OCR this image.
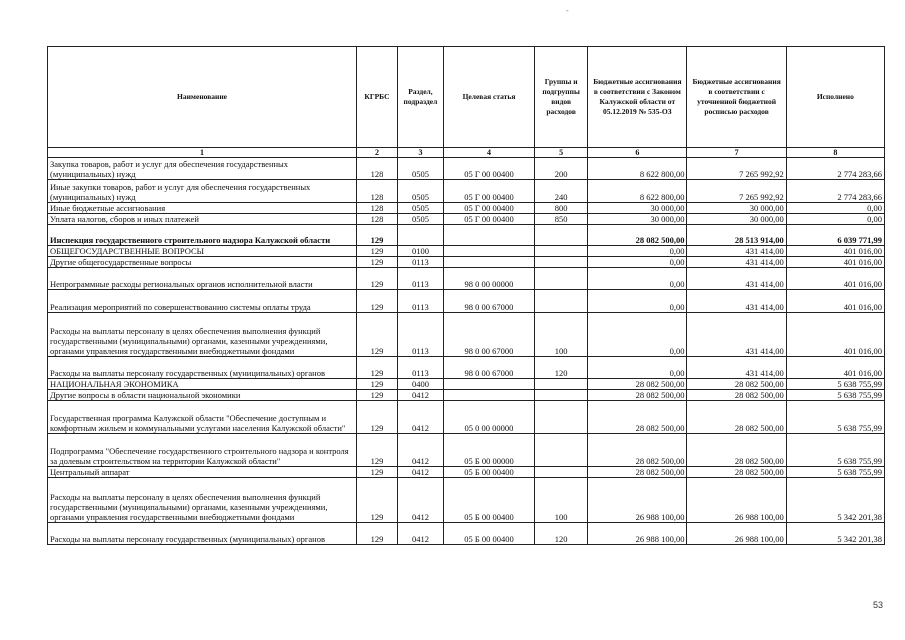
-
Наименование	КГРБС	Раздел, подраздел	Целевая статья	Группы и подгруппы видов расходов	Бюджетные ассигнования в соответствии с Законом Калужской области от 05.12.2019 № 535-ОЗ	Бюджетные ассигнования в соответствии с уточненной бюджетной росписью расходов	Исполнено
1	2	3	4	5	6	7	8
Закупка товаров, работ и услуг для обеспечения государственных (муниципальных) нужд	128	0505	05 Г 00 00400	200	8 622 800,00	7 265 992,92	2 774 283,66
Иные закупки товаров, работ и услуг для обеспечения государственных (муниципальных) нужд	128	0505	05 Г 00 00400	240	8 622 800,00	7 265 992,92	2 774 283,66
Иные бюджетные ассигнования	128	0505	05 Г 00 00400	800	30 000,00	30 000,00	0,00
Уплата налогов, сборов и иных платежей	128	0505	05 Г 00 00400	850	30 000,00	30 000,00	0,00
Инспекция государственного строительного надзора Калужской области	129				28 082 500,00	28 513 914,00	6 039 771,99
ОБЩЕГОСУДАРСТВЕННЫЕ ВОПРОСЫ	129	0100			0,00	431 414,00	401 016,00
Другие общегосударственные вопросы	129	0113			0,00	431 414,00	401 016,00
Непрограммные расходы региональных органов исполнительной власти	129	0113	98 0 00 00000		0,00	431 414,00	401 016,00
Реализация мероприятий по совершенствованию системы оплаты труда	129	0113	98 0 00 67000		0,00	431 414,00	401 016,00
Расходы на выплаты персоналу в целях обеспечения выполнения функций государственными (муниципальными) органами, казенными учреждениями, органами управления государственными внебюджетными фондами	129	0113	98 0 00 67000	100	0,00	431 414,00	401 016,00
Расходы на выплаты персоналу государственных (муниципальных) органов	129	0113	98 0 00 67000	120	0,00	431 414,00	401 016,00
НАЦИОНАЛЬНАЯ ЭКОНОМИКА	129	0400			28 082 500,00	28 082 500,00	5 638 755,99
Другие вопросы в области национальной экономики	129	0412			28 082 500,00	28 082 500,00	5 638 755,99
Государственная программа Калужской области "Обеспечение доступным и комфортным жильем и коммунальными услугами населения Калужской области"	129	0412	05 0 00 00000		28 082 500,00	28 082 500,00	5 638 755,99
Подпрограмма "Обеспечение государственного строительного надзора и контроля за долевым строительством на территории Калужской области"	129	0412	05 Б 00 00000		28 082 500,00	28 082 500,00	5 638 755,99
Центральный аппарат	129	0412	05 Б 00 00400		28 082 500,00	28 082 500,00	5 638 755,99
Расходы на выплаты персоналу в целях обеспечения выполнения функций государственными (муниципальными) органами, казенными учреждениями, органами управления государственными внебюджетными фондами	129	0412	05 Б 00 00400	100	26 988 100,00	26 988 100,00	5 342 201,38
Расходы на выплаты персоналу государственных (муниципальных) органов	129	0412	05 Б 00 00400	120	26 988 100,00	26 988 100,00	5 342 201,38
53
